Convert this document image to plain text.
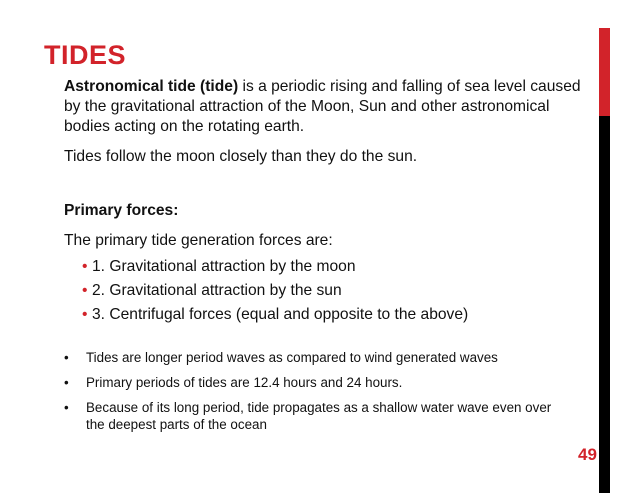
TIDES

Astronomical tide (tide) is a periodic rising and falling of sea level caused by the gravitational attraction of the Moon, Sun and other astronomical bodies acting on the rotating earth.

Tides follow the moon closely than they do the sun.

Primary forces:

The primary tide generation forces are:

• 1. Gravitational attraction by the moon
• 2. Gravitational attraction by the sun
• 3. Centrifugal forces (equal and opposite to the above)
• Tides are longer period waves as compared to wind generated waves
• Primary periods of tides are 12.4 hours and 24 hours.
• Because of its long period, tide propagates as a shallow water wave even over the deepest parts of the ocean
49
